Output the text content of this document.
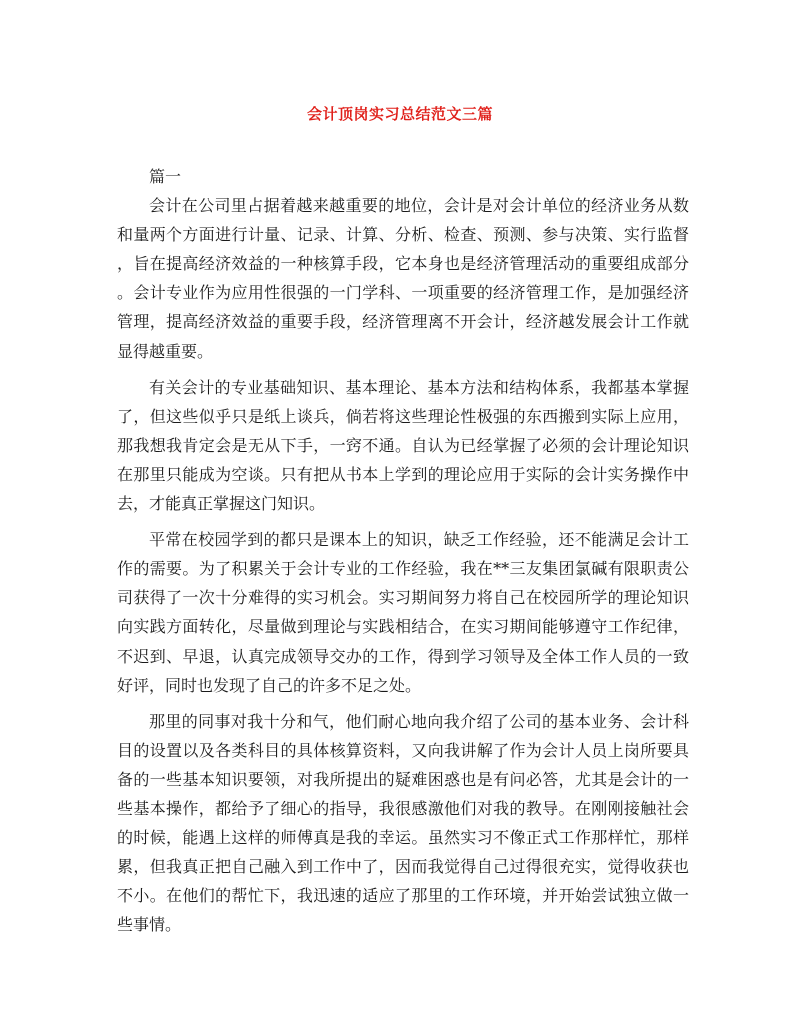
会计顶岗实习总结范文三篇

篇一

会计在公司里占据着越来越重要的地位，会计是对会计单位的经济业务从数和量两个方面进行计量、记录、计算、分析、检查、预测、参与决策、实行监督，旨在提高经济效益的一种核算手段，它本身也是经济管理活动的重要组成部分。会计专业作为应用性很强的一门学科、一项重要的经济管理工作，是加强经济管理，提高经济效益的重要手段，经济管理离不开会计，经济越发展会计工作就显得越重要。

有关会计的专业基础知识、基本理论、基本方法和结构体系，我都基本掌握了，但这些似乎只是纸上谈兵，倘若将这些理论性极强的东西搬到实际上应用，那我想我肯定会是无从下手，一窍不通。自认为已经掌握了必须的会计理论知识在那里只能成为空谈。只有把从书本上学到的理论应用于实际的会计实务操作中去，才能真正掌握这门知识。

平常在校园学到的都只是课本上的知识，缺乏工作经验，还不能满足会计工作的需要。为了积累关于会计专业的工作经验，我在**三友集团氯碱有限职责公司获得了一次十分难得的实习机会。实习期间努力将自己在校园所学的理论知识向实践方面转化，尽量做到理论与实践相结合，在实习期间能够遵守工作纪律，不迟到、早退，认真完成领导交办的工作，得到学习领导及全体工作人员的一致好评，同时也发现了自己的许多不足之处。

那里的同事对我十分和气，他们耐心地向我介绍了公司的基本业务、会计科目的设置以及各类科目的具体核算资料，又向我讲解了作为会计人员上岗所要具备的一些基本知识要领，对我所提出的疑难困惑也是有问必答，尤其是会计的一些基本操作，都给予了细心的指导，我很感激他们对我的教导。在刚刚接触社会的时候，能遇上这样的师傅真是我的幸运。虽然实习不像正式工作那样忙，那样累，但我真正把自己融入到工作中了，因而我觉得自己过得很充实，觉得收获也不小。在他们的帮忙下，我迅速的适应了那里的工作环境，并开始尝试独立做一些事情。
